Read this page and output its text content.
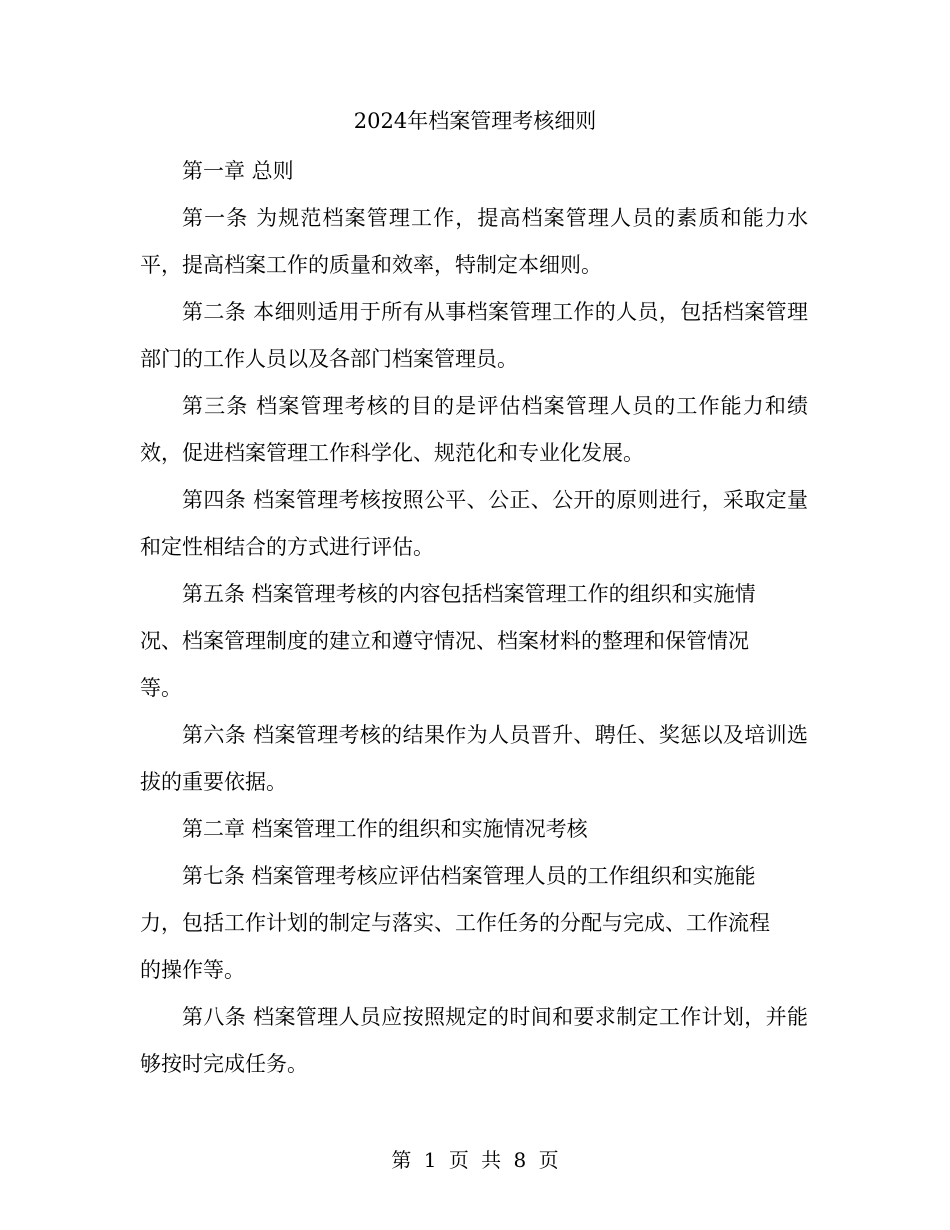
2024年档案管理考核细则

第一章 总则

第一条 为规范档案管理工作，提高档案管理人员的素质和能力水平，提高档案工作的质量和效率，特制定本细则。

第二条 本细则适用于所有从事档案管理工作的人员，包括档案管理部门的工作人员以及各部门档案管理员。

第三条 档案管理考核的目的是评估档案管理人员的工作能力和绩效，促进档案管理工作科学化、规范化和专业化发展。

第四条 档案管理考核按照公平、公正、公开的原则进行，采取定量和定性相结合的方式进行评估。

第五条 档案管理考核的内容包括档案管理工作的组织和实施情况、档案管理制度的建立和遵守情况、档案材料的整理和保管情况等。

第六条 档案管理考核的结果作为人员晋升、聘任、奖惩以及培训选拔的重要依据。

第二章 档案管理工作的组织和实施情况考核

第七条 档案管理考核应评估档案管理人员的工作组织和实施能力，包括工作计划的制定与落实、工作任务的分配与完成、工作流程的操作等。

第八条 档案管理人员应按照规定的时间和要求制定工作计划，并能够按时完成任务。

第 1 页 共 8 页
